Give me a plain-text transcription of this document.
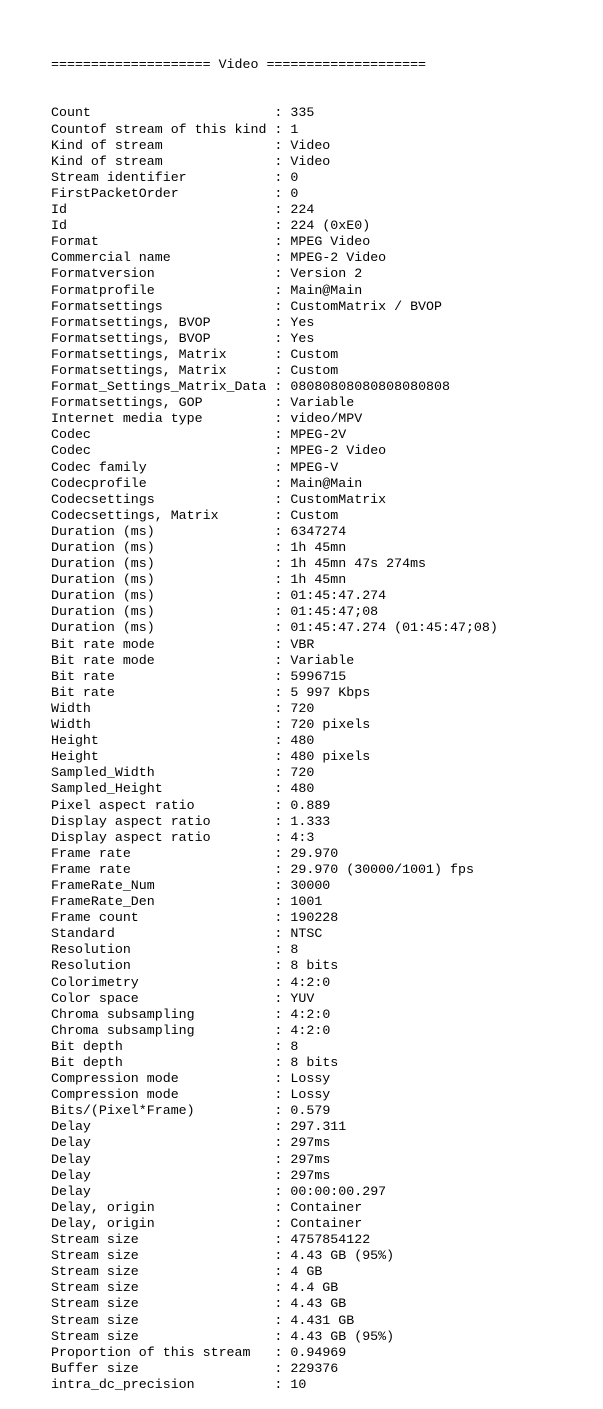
==================== Video ====================

Count                       : 335
Countof stream of this kind : 1
Kind of stream              : Video
Kind of stream              : Video
Stream identifier           : 0
FirstPacketOrder            : 0
Id                          : 224
Id                          : 224 (0xE0)
Format                      : MPEG Video
Commercial name             : MPEG-2 Video
Formatversion               : Version 2
Formatprofile               : Main@Main
Formatsettings              : CustomMatrix / BVOP
Formatsettings, BVOP        : Yes
Formatsettings, BVOP        : Yes
Formatsettings, Matrix      : Custom
Formatsettings, Matrix      : Custom
Format_Settings_Matrix_Data : 08080808080808080808
Formatsettings, GOP         : Variable
Internet media type         : video/MPV
Codec                       : MPEG-2V
Codec                       : MPEG-2 Video
Codec family                : MPEG-V
Codecprofile                : Main@Main
Codecsettings               : CustomMatrix
Codecsettings, Matrix       : Custom
Duration (ms)               : 6347274
Duration (ms)               : 1h 45mn
Duration (ms)               : 1h 45mn 47s 274ms
Duration (ms)               : 1h 45mn
Duration (ms)               : 01:45:47.274
Duration (ms)               : 01:45:47;08
Duration (ms)               : 01:45:47.274 (01:45:47;08)
Bit rate mode               : VBR
Bit rate mode               : Variable
Bit rate                    : 5996715
Bit rate                    : 5 997 Kbps
Width                       : 720
Width                       : 720 pixels
Height                      : 480
Height                      : 480 pixels
Sampled_Width               : 720
Sampled_Height              : 480
Pixel aspect ratio          : 0.889
Display aspect ratio        : 1.333
Display aspect ratio        : 4:3
Frame rate                  : 29.970
Frame rate                  : 29.970 (30000/1001) fps
FrameRate_Num               : 30000
FrameRate_Den               : 1001
Frame count                 : 190228
Standard                    : NTSC
Resolution                  : 8
Resolution                  : 8 bits
Colorimetry                 : 4:2:0
Color space                 : YUV
Chroma subsampling          : 4:2:0
Chroma subsampling          : 4:2:0
Bit depth                   : 8
Bit depth                   : 8 bits
Compression mode            : Lossy
Compression mode            : Lossy
Bits/(Pixel*Frame)          : 0.579
Delay                       : 297.311
Delay                       : 297ms
Delay                       : 297ms
Delay                       : 297ms
Delay                       : 00:00:00.297
Delay, origin               : Container
Delay, origin               : Container
Stream size                 : 4757854122
Stream size                 : 4.43 GB (95%)
Stream size                 : 4 GB
Stream size                 : 4.4 GB
Stream size                 : 4.43 GB
Stream size                 : 4.431 GB
Stream size                 : 4.43 GB (95%)
Proportion of this stream   : 0.94969
Buffer size                 : 229376
intra_dc_precision          : 10
